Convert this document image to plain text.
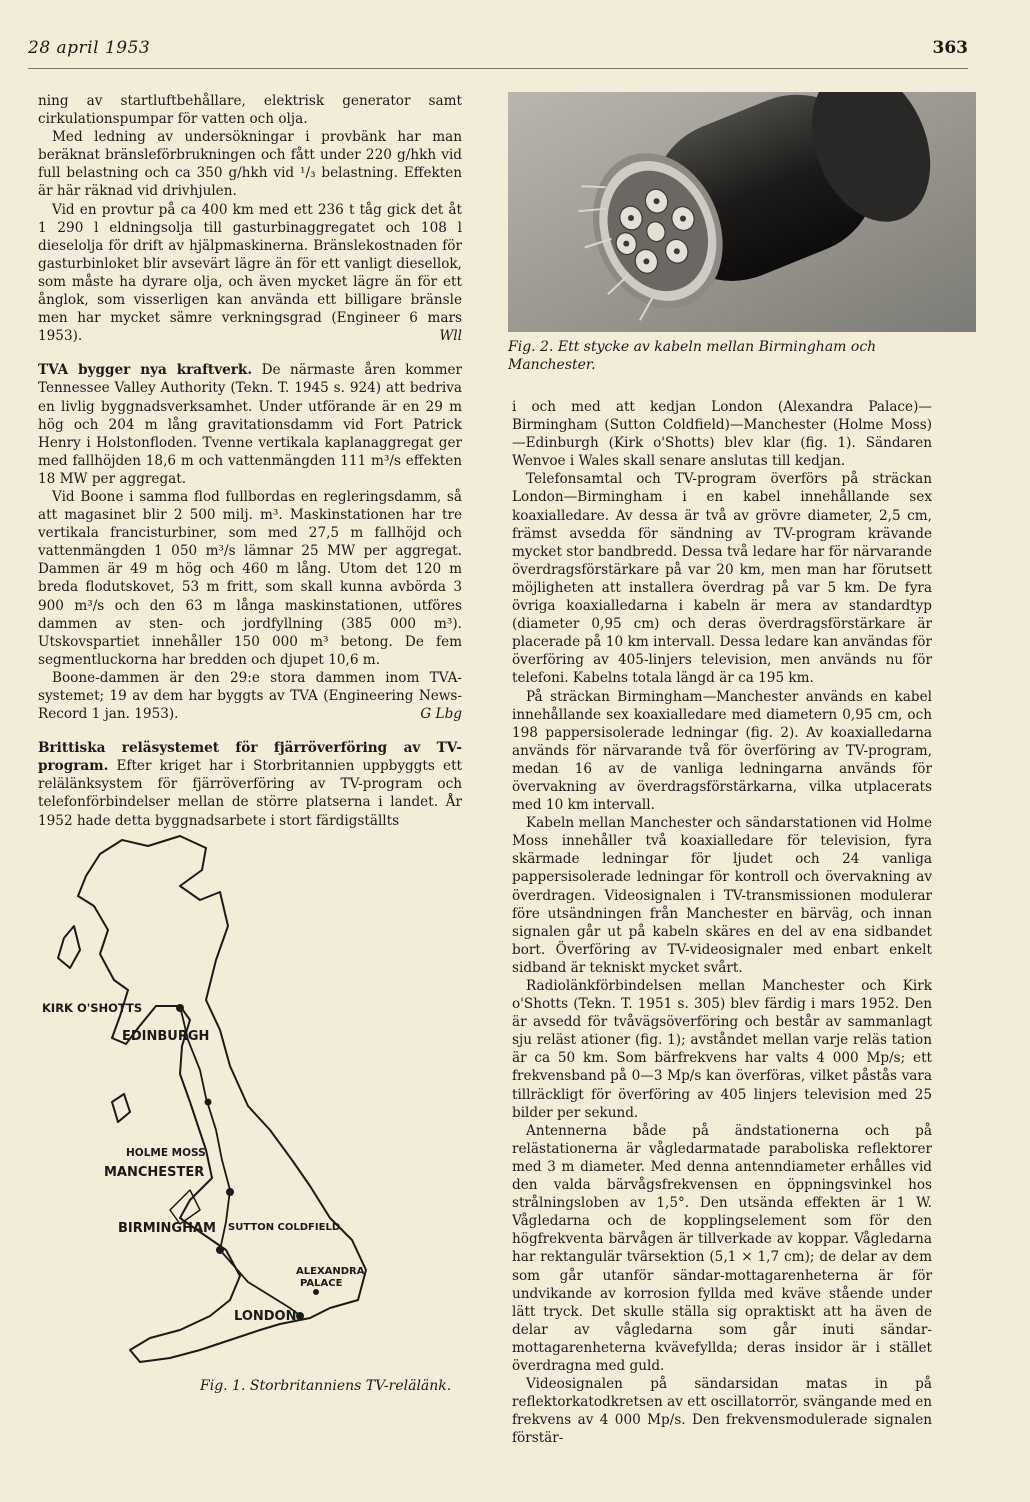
28 april 1953	363

ning av startluftbehållare, elektrisk generator samt cirkulationspumpar för vatten och olja.

Med ledning av undersökningar i provbänk har man beräknat bränsleförbrukningen och fått under 220 g/hkh vid full belastning och ca 350 g/hkh vid ¹/₃ belastning. Effekten är här räknad vid drivhjulen.

Vid en provtur på ca 400 km med ett 236 t tåg gick det åt 1 290 l eldningsolja till gasturbinaggregatet och 108 l dieselolja för drift av hjälpmaskinerna. Bränslekostnaden för gasturbinloket blir avsevärt lägre än för ett vanligt diesellok, som måste ha dyrare olja, och även mycket lägre än för ett ånglok, som visserligen kan använda ett billigare bränsle men har mycket sämre verkningsgrad (Engineer 6 mars 1953).	Wll

TVA bygger nya kraftverk. De närmaste åren kommer Tennessee Valley Authority (Tekn. T. 1945 s. 924) att bedriva en livlig byggnadsverksamhet. Under utförande är en 29 m hög och 204 m lång gravitationsdamm vid Fort Patrick Henry i Holstonfloden. Tvenne vertikala kaplanaggregat ger med fallhöjden 18,6 m och vattenmängden 111 m³/s effekten 18 MW per aggregat.

Vid Boone i samma flod fullbordas en regleringsdamm, så att magasinet blir 2 500 milj. m³. Maskinstationen har tre vertikala francisturbiner, som med 27,5 m fallhöjd och vattenmängden 1 050 m³/s lämnar 25 MW per aggregat. Dammen är 49 m hög och 460 m lång. Utom det 120 m breda flodutskovet, 53 m fritt, som skall kunna avbörda 3 900 m³/s och den 63 m långa maskinstationen, utföres dammen av sten- och jordfyllning (385 000 m³). Utskovspartiet innehåller 150 000 m³ betong. De fem segmentluckorna har bredden och djupet 10,6 m.

Boone-dammen är den 29:e stora dammen inom TVA-systemet; 19 av dem har byggts av TVA (Engineering News-Record 1 jan. 1953).	G Lbg

Brittiska reläsystemet för fjärröverföring av TV-program. Efter kriget har i Storbritannien uppbyggts ett relälänksystem för fjärröverföring av TV-program och telefonförbindelser mellan de större platserna i landet. År 1952 hade detta byggnadsarbete i stort färdigställts

Fig. 2. Ett stycke av kabeln mellan Birmingham och Manchester.

i och med att kedjan London (Alexandra Palace)—Birmingham (Sutton Coldfield)—Manchester (Holme Moss) —Edinburgh (Kirk o'Shotts) blev klar (fig. 1). Sändaren Wenvoe i Wales skall senare anslutas till kedjan.

Telefonsamtal och TV-program överförs på sträckan London—Birmingham i en kabel innehållande sex koaxialledare. Av dessa är två av grövre diameter, 2,5 cm, främst avsedda för sändning av TV-program krävande mycket stor bandbredd. Dessa två ledare har för närvarande överdragsförstärkare på var 20 km, men man har förutsett möjligheten att installera överdrag på var 5 km. De fyra övriga koaxialledarna i kabeln är mera av standardtyp (diameter 0,95 cm) och deras överdragsförstärkare är placerade på 10 km intervall. Dessa ledare kan användas för överföring av 405-linjers television, men används nu för telefoni. Kabelns totala längd är ca 195 km.

På sträckan Birmingham—Manchester används en kabel innehållande sex koaxialledare med diametern 0,95 cm, och 198 pappersisolerade ledningar (fig. 2). Av koaxialledarna används för närvarande två för överföring av TV-program, medan 16 av de vanliga ledningarna används för övervakning av överdragsförstärkarna, vilka utplacerats med 10 km intervall.

Kabeln mellan Manchester och sändarstationen vid Holme Moss innehåller två koaxialledare för television, fyra skärmade ledningar för ljudet och 24 vanliga pappersisolerade ledningar för kontroll och övervakning av överdragen. Videosignalen i TV-transmissionen modulerar före utsändningen från Manchester en bärväg, och innan signalen går ut på kabeln skäres en del av ena sidbandet bort. Överföring av TV-videosignaler med enbart enkelt sidband är tekniskt mycket svårt.

Radiolänkförbindelsen mellan Manchester och Kirk o'Shotts (Tekn. T. 1951 s. 305) blev färdig i mars 1952. Den är avsedd för tvåvägsöverföring och består av sammanlagt sju reläst ationer (fig. 1); avståndet mellan varje reläs tation är ca 50 km. Som bärfrekvens har valts 4 000 Mp/s; ett frekvensband på 0—3 Mp/s kan överföras, vilket påstås vara tillräckligt för överföring av 405 linjers television med 25 bilder per sekund.

Antennerna både på ändstationerna och på relästationerna är vågledarmatade paraboliska reflektorer med 3 m diameter. Med denna antenndiameter erhålles vid den valda bärvågsfrekvensen en öppningsvinkel hos strålningsloben av 1,5°. Den utsända effekten är 1 W. Vågledarna och de kopplingselement som för den högfrekventa bärvågen är tillverkade av koppar. Vågledarna har rektangulär tvärsektion (5,1 × 1,7 cm); de delar av dem som går utanför sändar-mottagarenheterna är för undvikande av korrosion fyllda med kväve stående under lätt tryck. Det skulle ställa sig opraktiskt att ha även de delar av vågledarna som går inuti sändar-mottagarenheterna kvävefyllda; deras insidor är i stället överdragna med guld.

Videosignalen på sändarsidan matas in på reflektorkatodkretsen av ett oscillatorrör, svängande med en frekvens av 4 000 Mp/s. Den frekvensmodulerade signalen förstär-

KIRK O'SHOTTS
EDINBURGH
HOLME MOSS
MANCHESTER
BIRMINGHAM SUTTON COLDFIELD
ALEXANDRA
PALACE
LONDON
Fig. 1. Storbritanniens TV-relälänk.
